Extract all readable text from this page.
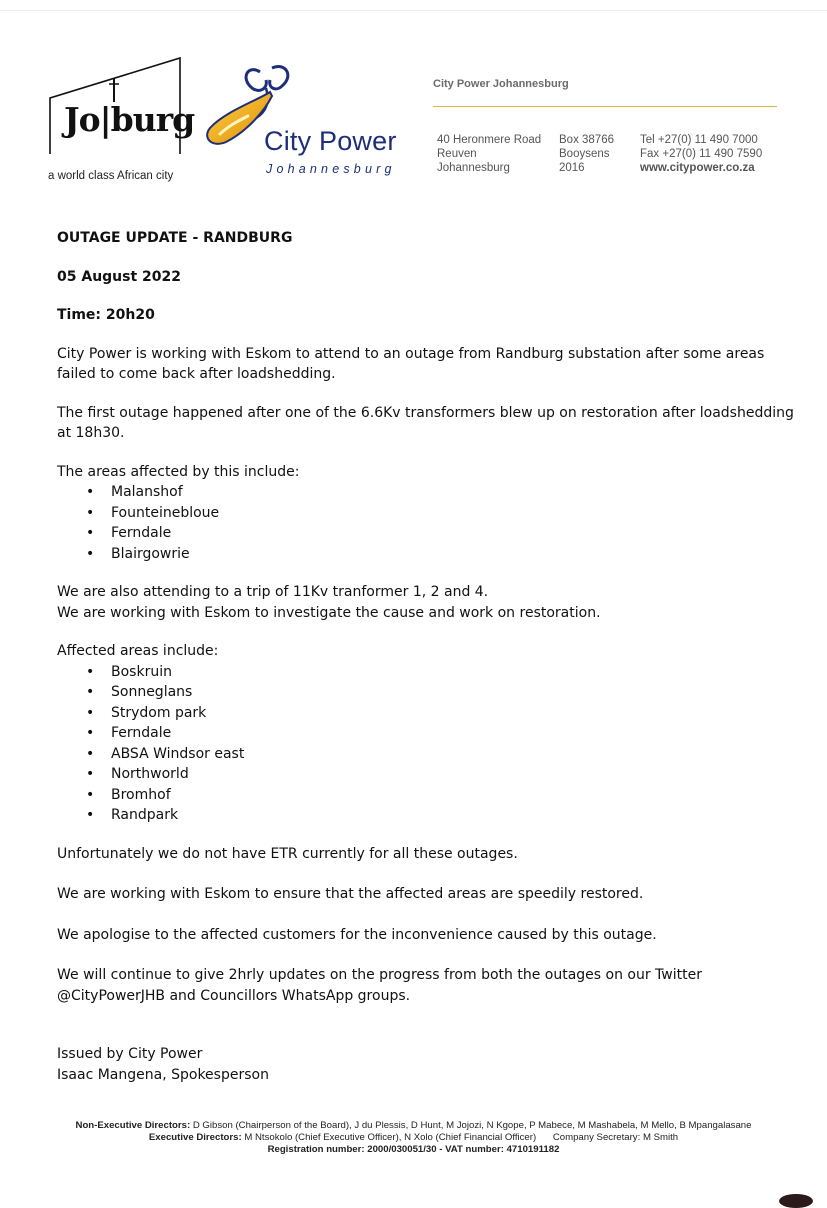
Jo|burg
a world class African city
City Power
Johannesburg
City Power Johannesburg
40 Heronmere Road
Reuven
Johannesburg
Box 38766
Booysens
2016
Tel +27(0) 11 490 7000
Fax +27(0) 11 490 7590
www.citypower.co.za

OUTAGE UPDATE - RANDBURG

05 August 2022

Time: 20h20

City Power is working with Eskom to attend to an outage from Randburg substation after some areas failed to come back after loadshedding.

The first outage happened after one of the 6.6Kv transformers blew up on restoration after loadshedding at 18h30.

The areas affected by this include:

• Malanshof
• Founteinebloue
• Ferndale
• Blairgowrie

We are also attending to a trip of 11Kv tranformer 1, 2 and 4.

We are working with Eskom to investigate the cause and work on restoration.

Affected areas include:

• Boskruin
• Sonneglans
• Strydom park
• Ferndale
• ABSA Windsor east
• Northworld
• Bromhof
• Randpark

Unfortunately we do not have ETR currently for all these outages.

We are working with Eskom to ensure that the affected areas are speedily restored.

We apologise to the affected customers for the inconvenience caused by this outage.

We will continue to give 2hrly updates on the progress from both the outages on our Twitter @CityPowerJHB and Councillors WhatsApp groups.

Issued by City Power

Isaac Mangena, Spokesperson

Non-Executive Directors: D Gibson (Chairperson of the Board), J du Plessis, D Hunt, M Jojozi, N Kgope, P Mabece, M Mashabela, M Mello, B Mpangalasane
Executive Directors: M Ntsokolo (Chief Executive Officer), N Xolo (Chief Financial Officer) Company Secretary: M Smith
Registration number: 2000/030051/30 - VAT number: 4710191182
